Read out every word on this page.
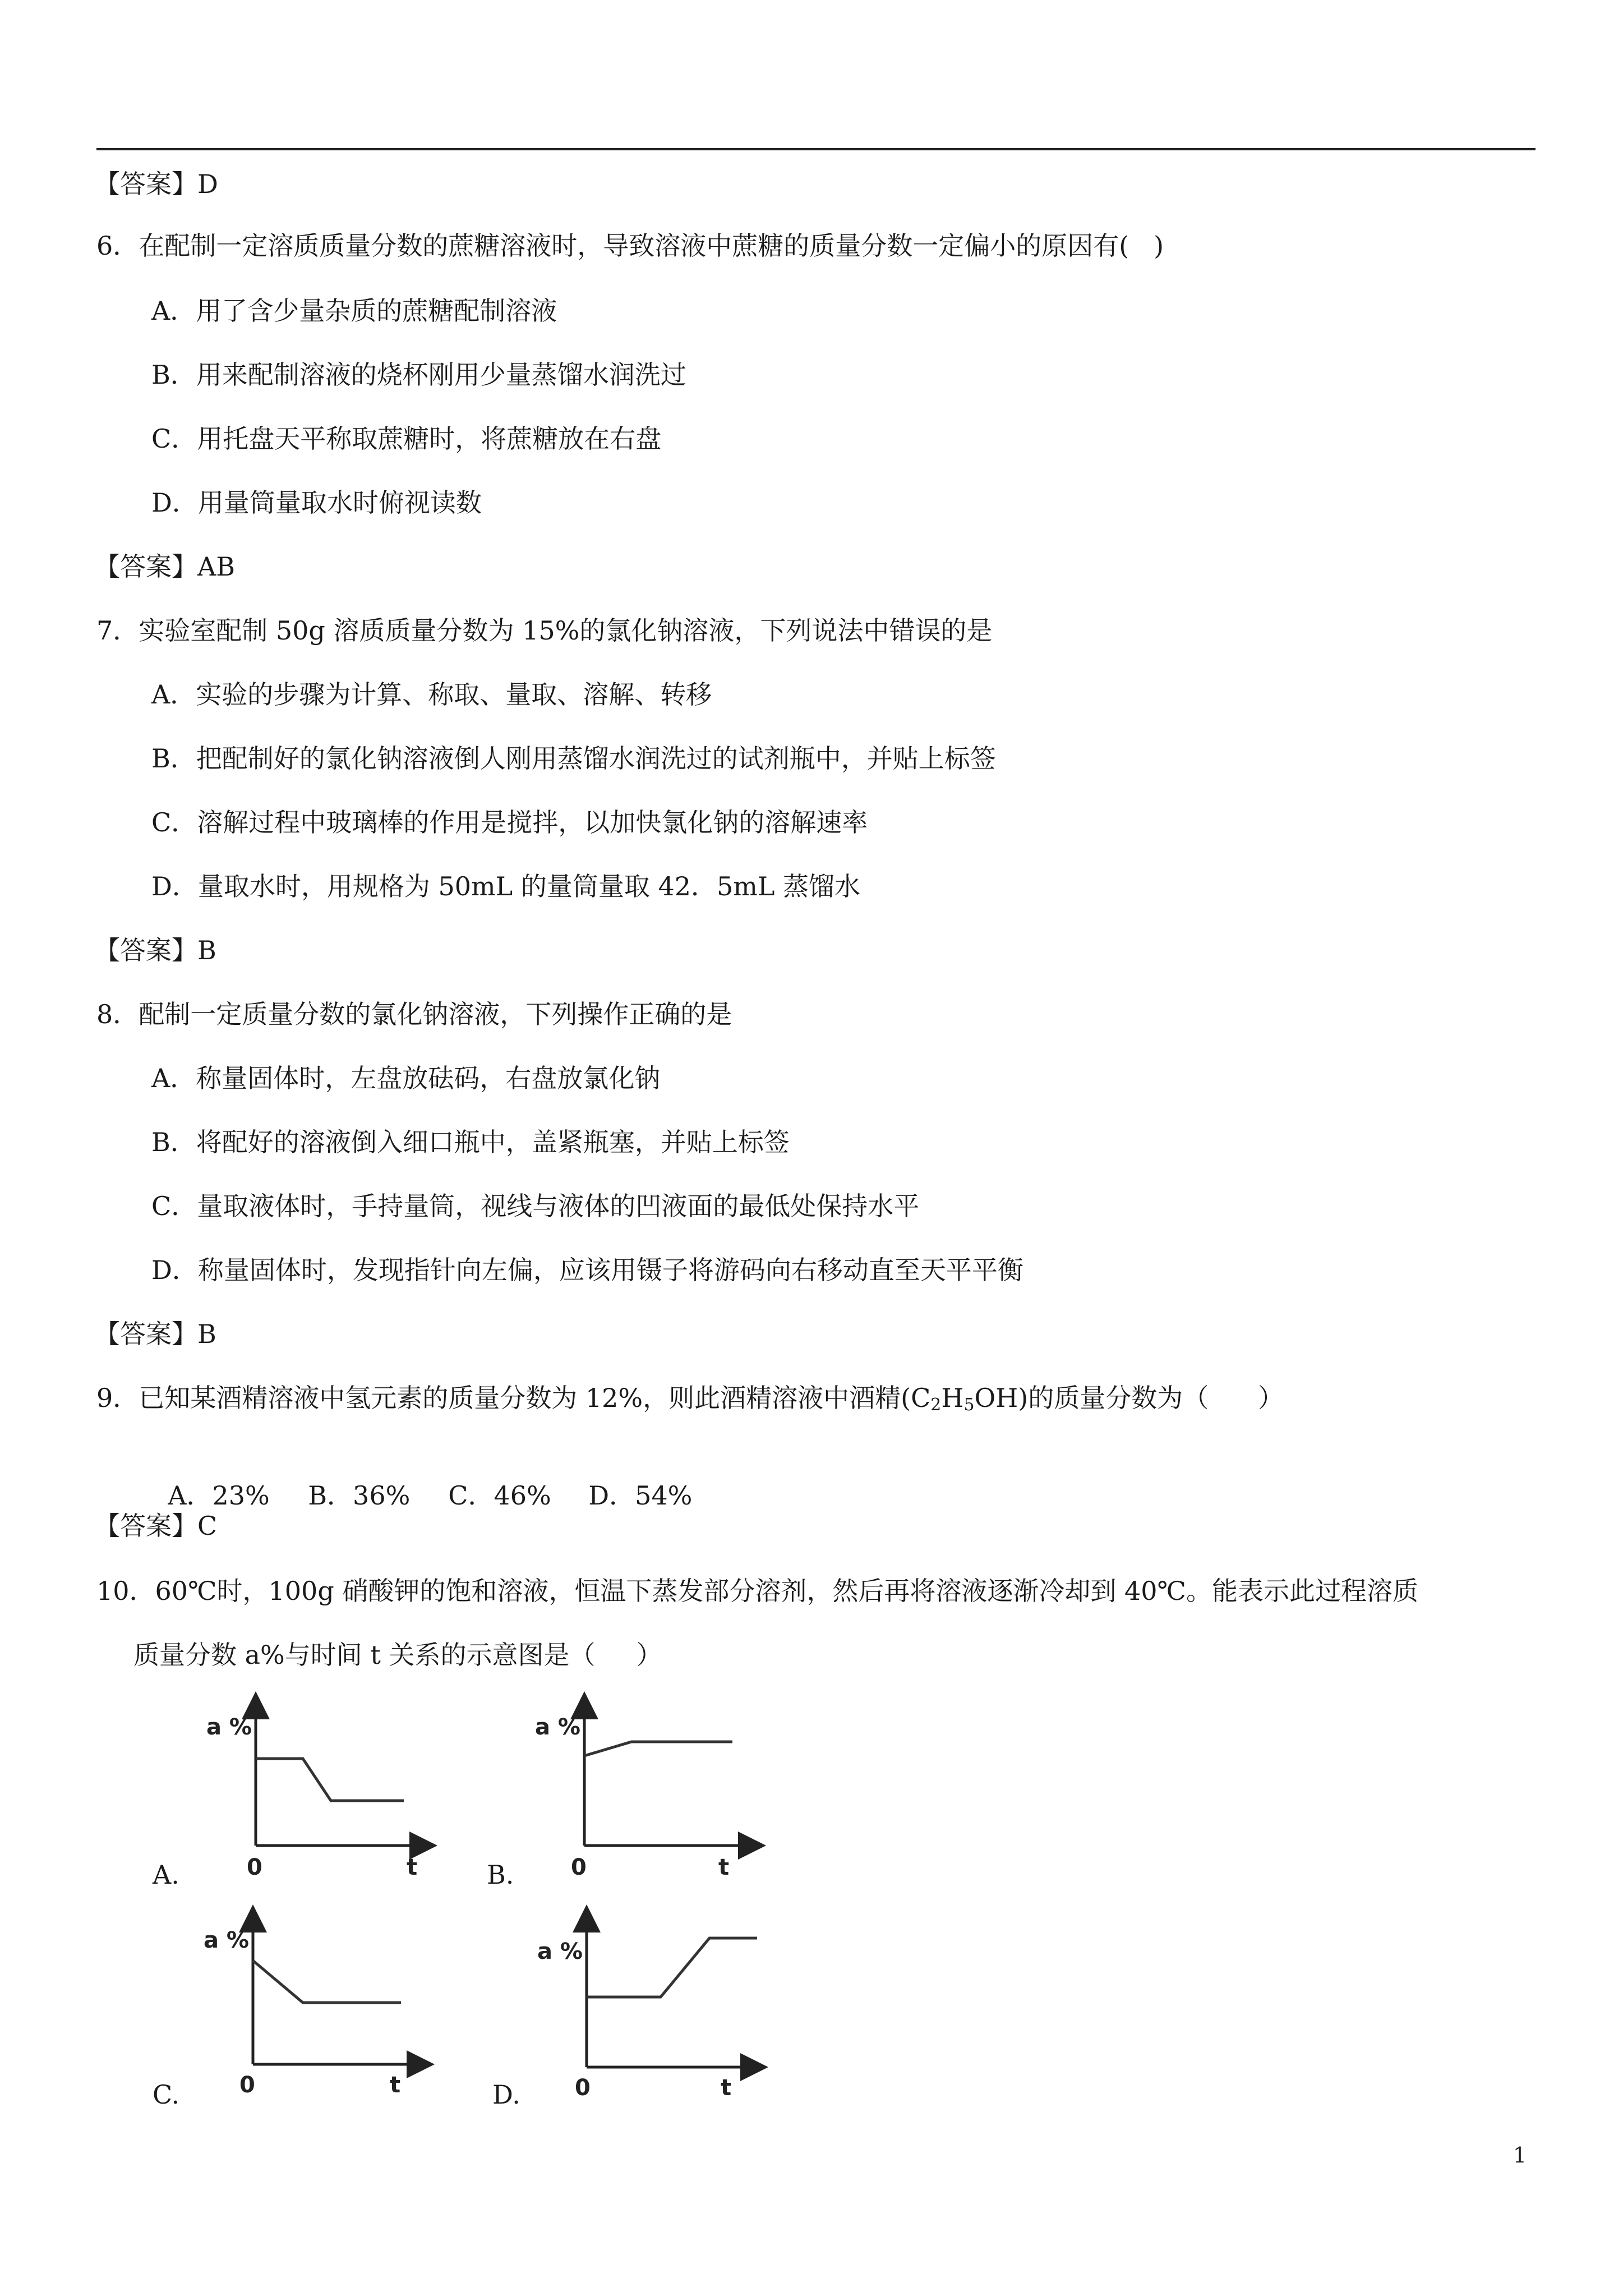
【答案】D
6．在配制一定溶质质量分数的蔗糖溶液时，导致溶液中蔗糖的质量分数一定偏小的原因有(   )
A．用了含少量杂质的蔗糖配制溶液
B．用来配制溶液的烧杯刚用少量蒸馏水润洗过
C．用托盘天平称取蔗糖时，将蔗糖放在右盘
D．用量筒量取水时俯视读数
【答案】AB
7．实验室配制 50g 溶质质量分数为 15%的氯化钠溶液，下列说法中错误的是
A．实验的步骤为计算、称取、量取、溶解、转移
B．把配制好的氯化钠溶液倒人刚用蒸馏水润洗过的试剂瓶中，并贴上标签
C．溶解过程中玻璃棒的作用是搅拌，以加快氯化钠的溶解速率
D．量取水时，用规格为 50mL 的量筒量取 42．5mL 蒸馏水
【答案】B
8．配制一定质量分数的氯化钠溶液，下列操作正确的是
A．称量固体时，左盘放砝码，右盘放氯化钠
B．将配好的溶液倒入细口瓶中，盖紧瓶塞，并贴上标签
C．量取液体时，手持量筒，视线与液体的凹液面的最低处保持水平
D．称量固体时，发现指针向左偏，应该用镊子将游码向右移动直至天平平衡
【答案】B
9．已知某酒精溶液中氢元素的质量分数为 12%，则此酒精溶液中酒精$(C_2H_5OH)$的质量分数为（      ）

A．23% B．36% C．46% D．54%

【答案】C
10．60℃时，100g 硝酸钾的饱和溶液，恒温下蒸发部分溶剂，然后再将溶液逐渐冷却到 40℃。能表示此过程溶质
质量分数 a%与时间 t 关系的示意图是（     ）
A.
a %
0	t	B.
a %
0	t
C.
a %
0	t	D.
a %
0	t
1
